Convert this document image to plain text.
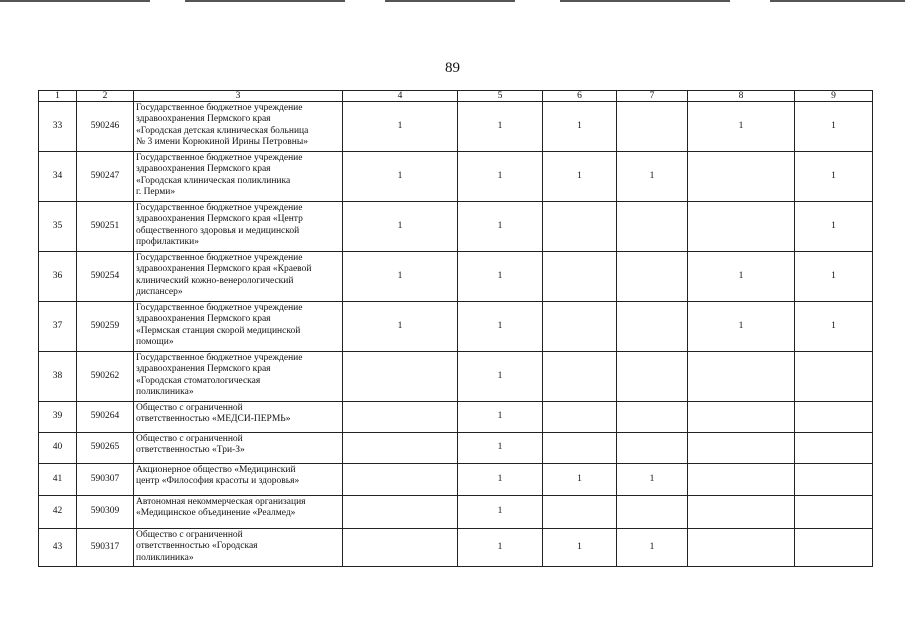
89
1	2	3	4	5	6	7	8	9
33	590246	Государственное бюджетное учреждение
здравоохранения Пермского края
«Городская детская клиническая больница
№ 3 имени Корюкиной Ирины Петровны»	1	1	1		1	1
34	590247	Государственное бюджетное учреждение
здравоохранения Пермского края
«Городская клиническая поликлиника
г. Перми»	1	1	1	1		1
35	590251	Государственное бюджетное учреждение
здравоохранения Пермского края «Центр
общественного здоровья и медицинской
профилактики»	1	1				1
36	590254	Государственное бюджетное учреждение
здравоохранения Пермского края «Краевой
клинический кожно-венерологический
диспансер»	1	1			1	1
37	590259	Государственное бюджетное учреждение
здравоохранения Пермского края
«Пермская станция скорой медицинской
помощи»	1	1			1	1
38	590262	Государственное бюджетное учреждение
здравоохранения Пермского края
«Городская стоматологическая
поликлиника»		1				
39	590264	Общество с ограниченной
ответственностью «МЕДСИ-ПЕРМЬ»		1				
40	590265	Общество с ограниченной
ответственностью «Три-З»		1				
41	590307	Акционерное общество «Медицинский
центр «Философия красоты и здоровья»		1	1	1		
42	590309	Автономная некоммерческая организация
«Медицинское объединение «Реалмед»		1				
43	590317	Общество с ограниченной
ответственностью «Городская
поликлиника»		1	1	1		
